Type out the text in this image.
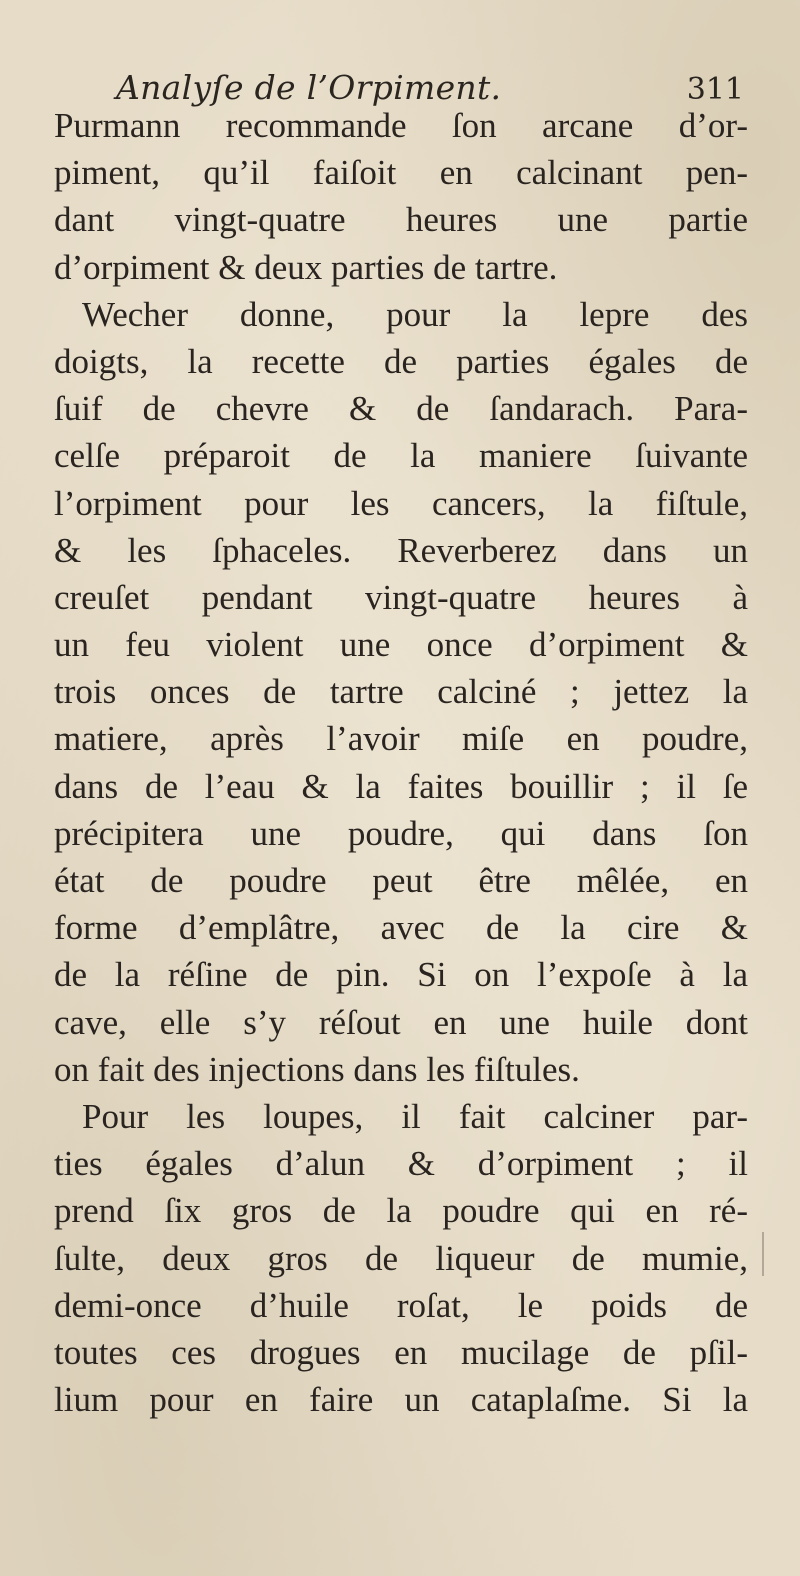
Analyſe de l’Orpiment.	311
Purmann recommande ſon arcane d’or-
piment, qu’il faiſoit en calcinant pen-
dant vingt-quatre heures une partie
d’orpiment & deux parties de tartre.
Wecher donne, pour la lepre des
doigts, la recette de parties égales de
ſuif de chevre & de ſandarach. Para-
celſe préparoit de la maniere ſuivante
l’orpiment pour les cancers, la fiſtule,
& les ſphaceles. Reverberez dans un
creuſet pendant vingt-quatre heures à
un feu violent une once d’orpiment &
trois onces de tartre calciné ; jettez la
matiere, après l’avoir miſe en poudre,
dans de l’eau & la faites bouillir ; il ſe
précipitera une poudre, qui dans ſon
état de poudre peut être mêlée, en
forme d’emplâtre, avec de la cire &
de la réſine de pin. Si on l’expoſe à la
cave, elle s’y réſout en une huile dont
on fait des injections dans les fiſtules.
Pour les loupes, il fait calciner par-
ties égales d’alun & d’orpiment ; il
prend ſix gros de la poudre qui en ré-
ſulte, deux gros de liqueur de mumie,
demi-once d’huile roſat, le poids de
toutes ces drogues en mucilage de pſil-
lium pour en faire un cataplaſme. Si la
